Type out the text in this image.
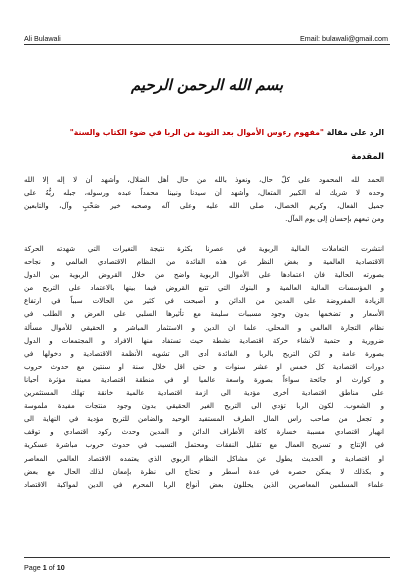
Ali Bulawali	Email: bulawali@gmail.com
بسم الله الرحمن الرحيم
الرد على مقالة "مفهوم رءوس الأموال بعد التوبة من الربا في ضوء الكتاب والسنة"
المقدمة
الحمد لله المحمود على كلّ حال، ونعوذ بالله من حال أهل الضلال، وأشهد أن لا إله إلا الله
وحده لا شريك له الكبير المتعال، وأشهد أن سيدنا ونبينا محمداً عبده ورسوله، جبله ربُّهُ على
جميل الفعال، وكريم الخصال، صلى الله عليه وعلى آله وصحبه خير صَحْبٍ وآل، والتابعين
ومن تبعهم بإحسان إلى يوم المآل.
انتشرت التعاملات المالية الربوية في عصرنا بكثرة نتيجة التغيرات التي شهدته الحركة
الاقتصادية العالمية و بغض النظر عن هذه القائدة من النظام الاقتصادي العالمي و نجاحه
بصورته الحالية فان اعتمادها على الأموال الربوية واضح من خلال القروض الربوية بين الدول
و المؤسسات المالية العالمية و البنوك التي تتبع القروض فيما بينها بالاعتماد على التربح من
الزيادة المفروضة على المدين من الدائن و أصبحت في كثير من الحالات سبباً في ارتفاع
الأسعار و تضخمها بدون وجود مسببات سليمة مع تأثيرها السلبي على العرض و الطلب في
نظام التجارة العالمي و المحلي. علما ان الدين و الاستثمار المباشر و الحقيقي للأموال مسألة
ضرورية و حتمية لأنشاء حركة اقتصادية نشطة حيث تستفاد منها الافراد و المجتمعات و الدول
بصورة عامة و لكن التربح بالربا و الفائدة أدى الى تشويه الأنظمة الاقتصادية و دخولها في
دورات اقتصادية كل خمس او عشر سنوات و حتى اقل خلال سنة او سنتين مع حدوث حروب
و كوارث او جائحة سواءاً بصورة واسعة عالميا او في منطقة اقتصادية معينة مؤثرة أحيانا
على مناطق اقتصادية أخرى مؤدية الى ازمة اقتصادية عالمية خانقة تهلك المستثمرين
و الشعوب. لكون الربا تؤدي الى التربح الغير الحقيقي بدون وجود منتجات مفيدة ملموسة
و تجعل من صاحب راس المال الطرف المستفيد الوحيد والضامن للتربح مؤدية في النهاية الى
انهيار اقتصادي مسببة خسارة كافة الأطراف الدائن و المدين وحدث ركود اقتصادي و توقف
في الإنتاج و تسريح العمال مع تقليل النفقات ومحتمل التسبب في حدوث حروب مباشرة عسكرية
او اقتصادية و الحديث يطول عن مشاكل النظام الربوي الذي يعتمده الاقتصاد العالمي المعاصر
و بكذلك لا يمكن حصره في عدة أسطر و تحتاج الى نظرة بإمعان لذلك الحال مع بعض
علماء المسلمين المعاصرين الذين يحللون بعض أنواع الربا المحرم في الدين لمواكبة الاقتصاد
Page 1 of 10
